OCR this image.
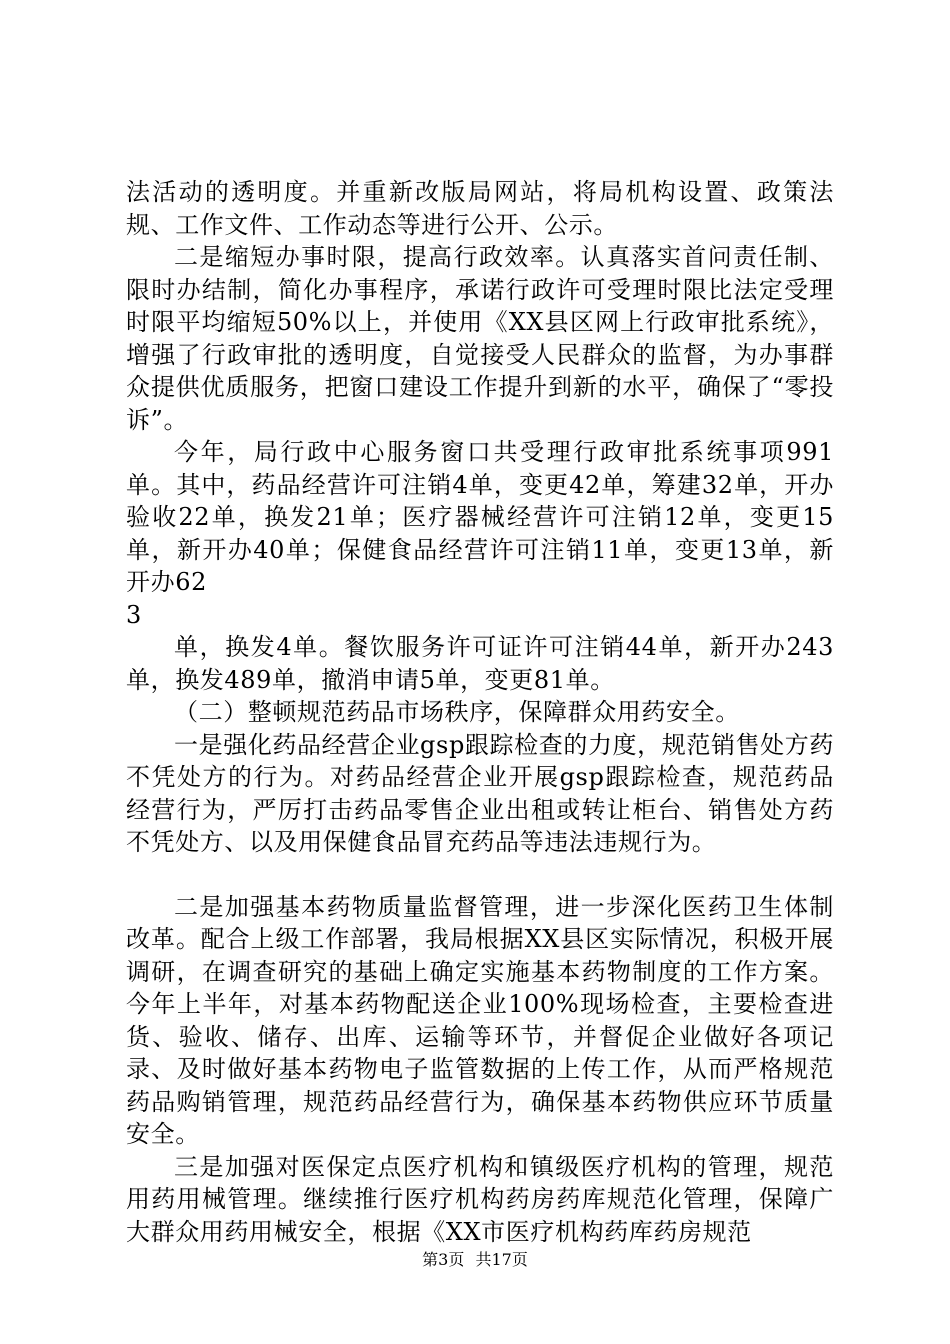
法活动的透明度。并重新改版局网站，将局机构设置、政策法规、工作文件、工作动态等进行公开、公示。

二是缩短办事时限，提高行政效率。认真落实首问责任制、限时办结制，简化办事程序，承诺行政许可受理时限比法定受理时限平均缩短50%以上，并使用《XX县区网上行政审批系统》，增强了行政审批的透明度，自觉接受人民群众的监督，为办事群众提供优质服务，把窗口建设工作提升到新的水平，确保了“零投诉”。

今年，局行政中心服务窗口共受理行政审批系统事项991单。其中，药品经营许可注销4单，变更42单，筹建32单，开办验收22单，换发21单；医疗器械经营许可注销12单，变更15单，新开办40单；保健食品经营许可注销11单，变更13单，新开办62

3

单，换发4单。餐饮服务许可证许可注销44单，新开办243单，换发489单，撤消申请5单，变更81单。

（二）整顿规范药品市场秩序，保障群众用药安全。

一是强化药品经营企业gsp跟踪检查的力度，规范销售处方药不凭处方的行为。对药品经营企业开展gsp跟踪检查，规范药品经营行为，严厉打击药品零售企业出租或转让柜台、销售处方药不凭处方、以及用保健食品冒充药品等违法违规行为。

二是加强基本药物质量监督管理，进一步深化医药卫生体制改革。配合上级工作部署，我局根据XX县区实际情况，积极开展调研，在调查研究的基础上确定实施基本药物制度的工作方案。今年上半年，对基本药物配送企业100%现场检查，主要检查进货、验收、储存、出库、运输等环节，并督促企业做好各项记录、及时做好基本药物电子监管数据的上传工作，从而严格规范药品购销管理，规范药品经营行为，确保基本药物供应环节质量安全。

三是加强对医保定点医疗机构和镇级医疗机构的管理，规范用药用械管理。继续推行医疗机构药房药库规范化管理，保障广大群众用药用械安全，根据《XX市医疗机构药库药房规范

第3页 共17页
